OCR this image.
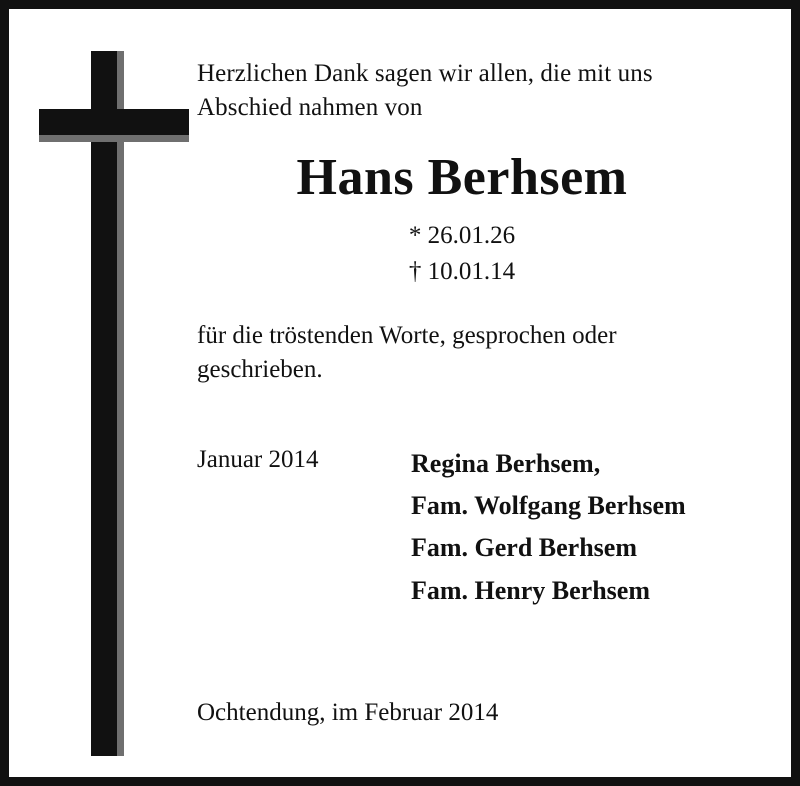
Herzlichen Dank sagen wir allen, die mit uns
Abschied nahmen von
Hans Berhsem
* 26.01.26
† 10.01.14
für die tröstenden Worte, gesprochen oder
geschrieben.
Januar 2014	Regina Berhsem,
Fam. Wolfgang Berhsem
Fam. Gerd Berhsem
Fam. Henry Berhsem
Ochtendung, im Februar 2014
